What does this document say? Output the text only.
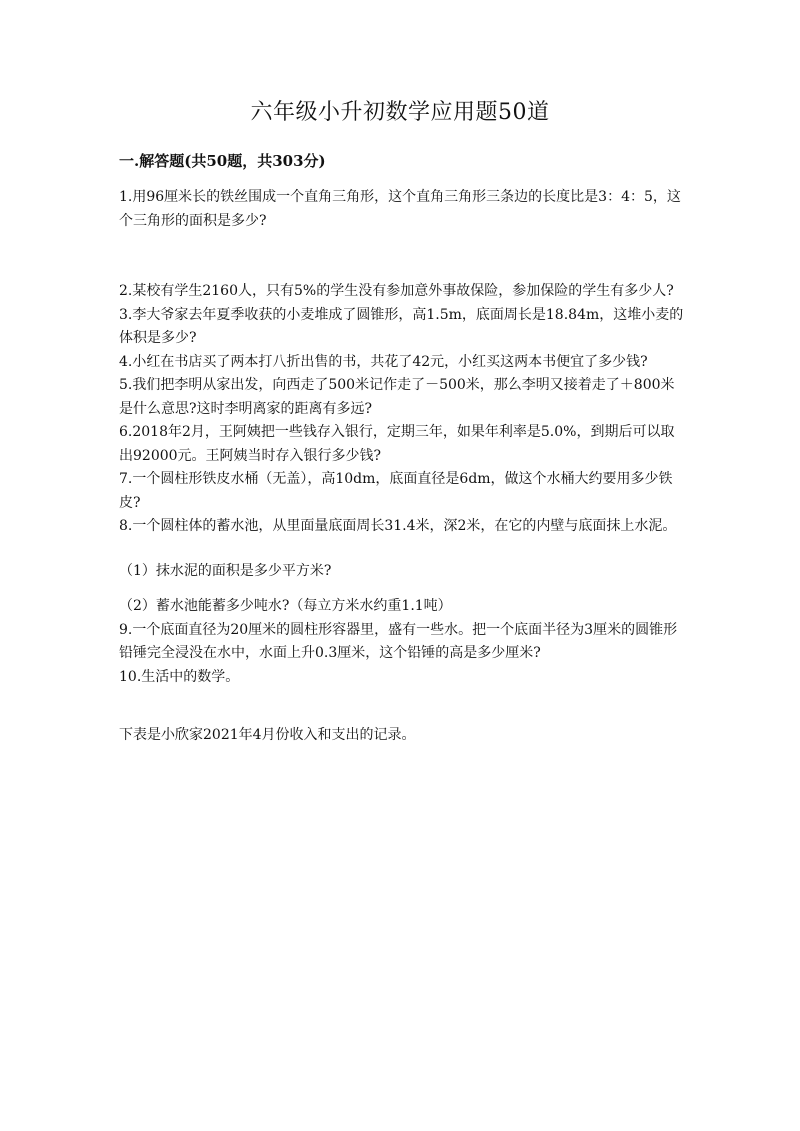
六年级小升初数学应用题50道
一.解答题(共50题，共303分)

1.用96厘米长的铁丝围成一个直角三角形，这个直角三角形三条边的长度比是3：4：5，这个三角形的面积是多少?

2.某校有学生2160人，只有5%的学生没有参加意外事故保险，参加保险的学生有多少人?

3.李大爷家去年夏季收获的小麦堆成了圆锥形，高1.5m，底面周长是18.84m，这堆小麦的体积是多少?

4.小红在书店买了两本打八折出售的书，共花了42元，小红买这两本书便宜了多少钱?

5.我们把李明从家出发，向西走了500米记作走了－500米，那么李明又接着走了＋800米是什么意思?这时李明离家的距离有多远?

6.2018年2月，王阿姨把一些钱存入银行，定期三年，如果年利率是5.0%，到期后可以取出92000元。王阿姨当时存入银行多少钱?

7.一个圆柱形铁皮水桶（无盖），高10dm，底面直径是6dm，做这个水桶大约要用多少铁皮?

8.一个圆柱体的蓄水池，从里面量底面周长31.4米，深2米，在它的内壁与底面抹上水泥。

（1）抹水泥的面积是多少平方米?

（2）蓄水池能蓄多少吨水?（每立方米水约重1.1吨）

9.一个底面直径为20厘米的圆柱形容器里，盛有一些水。把一个底面半径为3厘米的圆锥形铅锤完全浸没在水中，水面上升0.3厘米，这个铅锤的高是多少厘米?

10.生活中的数学。

下表是小欣家2021年4月份收入和支出的记录。
